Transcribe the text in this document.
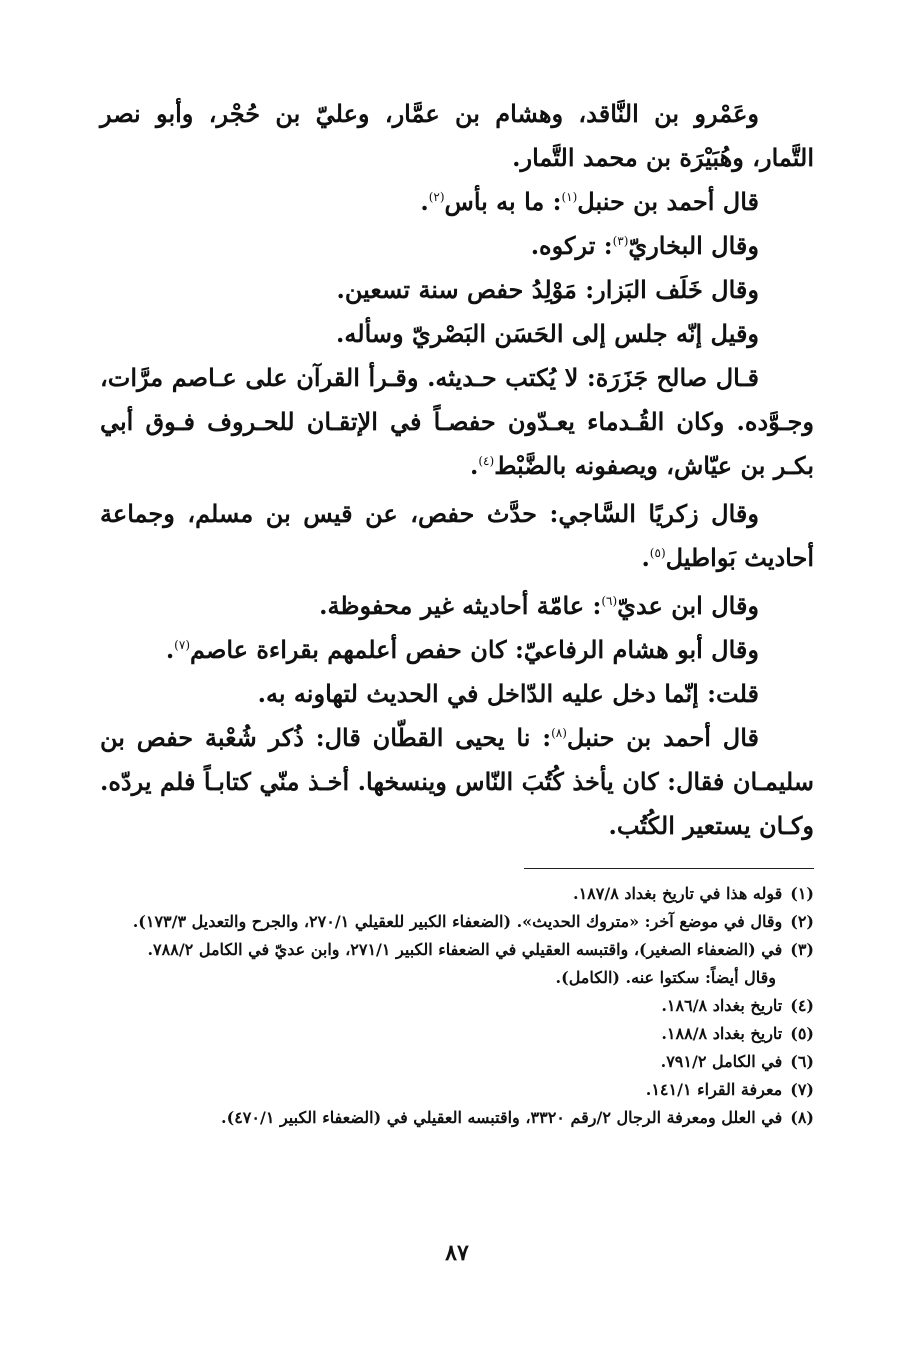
وعَمْرو بن النَّاقد، وهشام بن عمَّار، وعليّ بن حُجْر، وأبو نصر التَّمار، وهُبَيْرَة بن محمد التَّمار.

قال أحمد بن حنبل$^{(١)}$: ما به بأس$^{(٢)}$.

وقال البخاريّ$^{(٣)}$: تركوه.

وقال خَلَف البَزار: مَوْلِدُ حفص سنة تسعين.

وقيل إنّه جلس إلى الحَسَن البَصْريّ وسأله.

قـال صالح جَزَرَة: لا يُكتب حـديثه. وقـرأ القرآن على عـاصم مرَّات، وجـوَّده. وكان القُـدماء يعـدّون حفصـاً في الإتقـان للحـروف فـوق أبي بكـر بن عيّاش، ويصفونه بالضَّبْط$^{(٤)}$.

وقال زكريًا السَّاجي: حدَّث حفص، عن قيس بن مسلم، وجماعة أحاديث بَواطيل$^{(٥)}$.

وقال ابن عديّ$^{(٦)}$: عامّة أحاديثه غير محفوظة.

وقال أبو هشام الرفاعيّ: كان حفص أعلمهم بقراءة عاصم$^{(٧)}$.

قلت: إنّما دخل عليه الدّاخل في الحديث لتهاونه به.

قال أحمد بن حنبل$^{(٨)}$: نا يحيى القطّان قال: ذُكر شُعْبة حفص بن سليمـان فقال: كان يأخذ كُتُبَ النّاس وينسخها. أخـذ منّي كتابـاً فلم يردّه. وكـان يستعير الكُتُب.

(١)
قوله هذا في تاريخ بغداد ١٨٧/٨.
(٢)
وقال في موضع آخر: «متروك الحديث». (الضعفاء الكبير للعقيلي ٢٧٠/١، والجرح والتعديل ١٧٣/٣).
(٣)
في (الضعفاء الصغير)، واقتبسه العقيلي في الضعفاء الكبير ٢٧١/١، وابن عديّ في الكامل ٧٨٨/٢.
وقال أيضاً: سكتوا عنه. (الكامل).
(٤)
تاريخ بغداد ١٨٦/٨.
(٥)
تاريخ بغداد ١٨٨/٨.
(٦)
في الكامل ٧٩١/٢.
(٧)
معرفة القراء ١٤١/١.
(٨)
في العلل ومعرفة الرجال ٢/رقم ٣٣٢٠، واقتبسه العقيلي في (الضعفاء الكبير ٤٧٠/١).
٨٧
